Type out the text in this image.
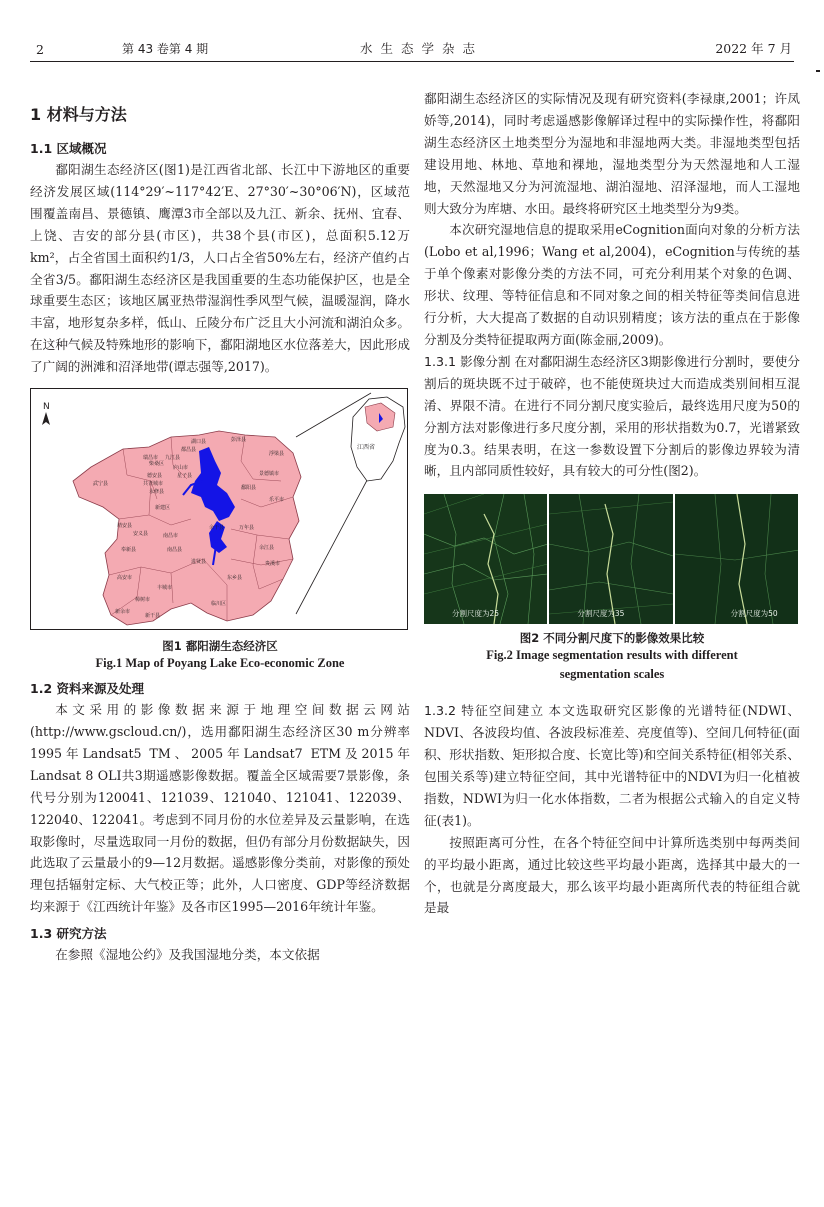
2	第 43 卷第 4 期	水生态学杂志	2022 年 7 月
1 材料与方法
1.1 区域概况

鄱阳湖生态经济区(图1)是江西省北部、长江中下游地区的重要经济发展区域(114°29′~117°42′E、27°30′~30°06′N)，区域范围覆盖南昌、景德镇、鹰潭3市全部以及九江、新余、抚州、宜春、上饶、吉安的部分县(市区)，共38个县(市区)，总面积5.12万 km²，占全省国土面积约1/3，人口占全省50%左右，经济产值约占全省3/5。鄱阳湖生态经济区是我国重要的生态功能保护区，也是全球重要生态区；该地区属亚热带湿润性季风型气候，温暖湿润，降水丰富，地形复杂多样，低山、丘陵分布广泛且大小河流和湖泊众多。在这种气候及特殊地形的影响下，鄱阳湖地区水位落差大，因此形成了广阔的洲滩和沼泽地带(谭志强等,2017)。

N
彭泽县
湖口县
都昌县
瑞昌市 九江县
柴桑区
星子县
庐山市
德安县
武宁县
永修县
共青城市
浮梁县
景德镇市
鄱阳县
乐平市
安义县
靖安县
奉新县
新建区
南昌市
南昌县
进贤县
余干县	万年县
余江县
贵溪市
东乡县
高安市
丰城市
樟树市
临川区
新余市
新干县
江西省
图1 鄱阳湖生态经济区
Fig.1 Map of Poyang Lake Eco-economic Zone
1.2 资料来源及处理

本文采用的影像数据来源于地理空间数据云网站(http://www.gscloud.cn/)，选用鄱阳湖生态经济区30 m分辨率1995年Landsat5 TM、2005年Landsat7 ETM及2015年Landsat 8 OLI共3期遥感影像数据。覆盖全区域需要7景影像，条代号分别为120041、121039、121040、121041、122039、122040、122041。考虑到不同月份的水位差异及云量影响，在选取影像时，尽量选取同一月份的数据，但仍有部分月份数据缺失，因此选取了云量最小的9—12月数据。遥感影像分类前，对影像的预处理包括辐射定标、大气校正等；此外，人口密度、GDP等经济数据均来源于《江西统计年鉴》及各市区1995—2016年统计年鉴。

1.3 研究方法

在参照《湿地公约》及我国湿地分类，本文依据

鄱阳湖生态经济区的实际情况及现有研究资料(李禄康,2001；许凤娇等,2014)，同时考虑遥感影像解译过程中的实际操作性，将鄱阳湖生态经济区土地类型分为湿地和非湿地两大类。非湿地类型包括建设用地、林地、草地和裸地，湿地类型分为天然湿地和人工湿地，天然湿地又分为河流湿地、湖泊湿地、沼泽湿地，而人工湿地则大致分为库塘、水田。最终将研究区土地类型分为9类。

本次研究湿地信息的提取采用eCognition面向对象的分析方法(Lobo et al,1996；Wang et al,2004)，eCognition与传统的基于单个像素对影像分类的方法不同，可充分利用某个对象的色调、形状、纹理、等特征信息和不同对象之间的相关特征等类间信息进行分析，大大提高了数据的自动识别精度；该方法的重点在于影像分割及分类特征提取两方面(陈金丽,2009)。

1.3.1 影像分割 在对鄱阳湖生态经济区3期影像进行分割时，要使分割后的斑块既不过于破碎，也不能使斑块过大而造成类别间相互混淆、界限不清。在进行不同分割尺度实验后，最终选用尺度为50的分割方法对影像进行多尺度分割，采用的形状指数为0.7，光谱紧致度为0.3。结果表明，在这一参数设置下分割后的影像边界较为清晰，且内部同质性较好，具有较大的可分性(图2)。

分割尺度为25	分割尺度为35	分割尺度为50
图2 不同分割尺度下的影像效果比较
Fig.2 Image segmentation results with different
segmentation scales

1.3.2 特征空间建立 本文选取研究区影像的光谱特征(NDWI、NDVI、各波段均值、各波段标准差、亮度值等)、空间几何特征(面积、形状指数、矩形拟合度、长宽比等)和空间关系特征(相邻关系、包围关系等)建立特征空间，其中光谱特征中的NDVI为归一化植被指数，NDWI为归一化水体指数，二者为根据公式输入的自定义特征(表1)。

按照距离可分性，在各个特征空间中计算所选类别中每两类间的平均最小距离，通过比较这些平均最小距离，选择其中最大的一个，也就是分离度最大，那么该平均最小距离所代表的特征组合就是最
